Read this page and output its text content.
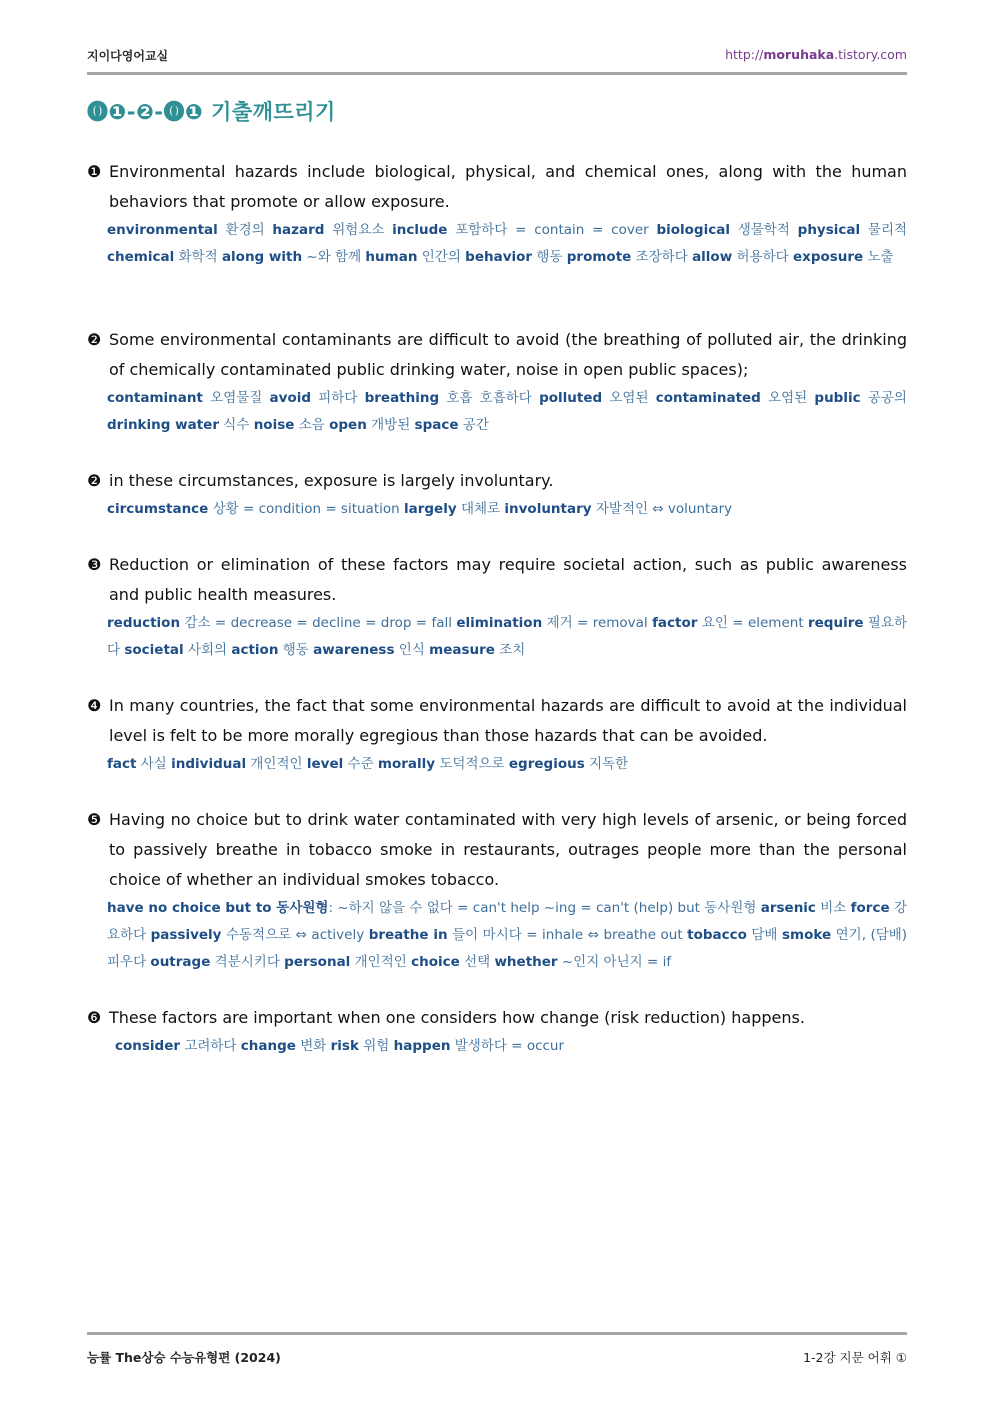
지이다영어교실	http://moruhaka.tistory.com
⓿❶-❷-⓿❶ 기출깨뜨리기
❶ Environmental hazards include biological, physical, and chemical ones, along with the human behaviors that promote or allow exposure.
environmental 환경의 hazard 위험요소 include 포함하다 = contain = cover biological 생물학적 physical 물리적 chemical 화학적 along with ~와 함께 human 인간의 behavior 행동 promote 조장하다 allow 허용하다 exposure 노출
❷ Some environmental contaminants are difficult to avoid (the breathing of polluted air, the drinking of chemically contaminated public drinking water, noise in open public spaces);
contaminant 오염물질 avoid 피하다 breathing 호흡 호흡하다 polluted 오염된 contaminated 오염된 public 공공의 drinking water 식수 noise 소음 open 개방된 space 공간
❷ in these circumstances, exposure is largely involuntary.
circumstance 상황 = condition = situation largely 대체로 involuntary 자발적인 ⇔ voluntary
❸ Reduction or elimination of these factors may require societal action, such as public awareness and public health measures.
reduction 감소 = decrease = decline = drop = fall elimination 제거 = removal factor 요인 = element require 필요하다 societal 사회의 action 행동 awareness 인식 measure 조치
❹ In many countries, the fact that some environmental hazards are difficult to avoid at the individual level is felt to be more morally egregious than those hazards that can be avoided.
fact 사실 individual 개인적인 level 수준 morally 도덕적으로 egregious 지독한
❺ Having no choice but to drink water contaminated with very high levels of arsenic, or being forced to passively breathe in tobacco smoke in restaurants, outrages people more than the personal choice of whether an individual smokes tobacco.
have no choice but to 동사원형: ~하지 않을 수 없다 = can't help ~ing = can't (help) but 동사원형 arsenic 비소 force 강요하다 passively 수동적으로 ⇔ actively breathe in 들이 마시다 = inhale ⇔ breathe out tobacco 담배 smoke 연기, (담배)피우다 outrage 격분시키다 personal 개인적인 choice 선택 whether ~인지 아닌지 = if
❻ These factors are important when one considers how change (risk reduction) happens.
consider 고려하다 change 변화 risk 위험 happen 발생하다 = occur
능률 The상승 수능유형편 (2024)	1-2강 지문 어휘 ①
